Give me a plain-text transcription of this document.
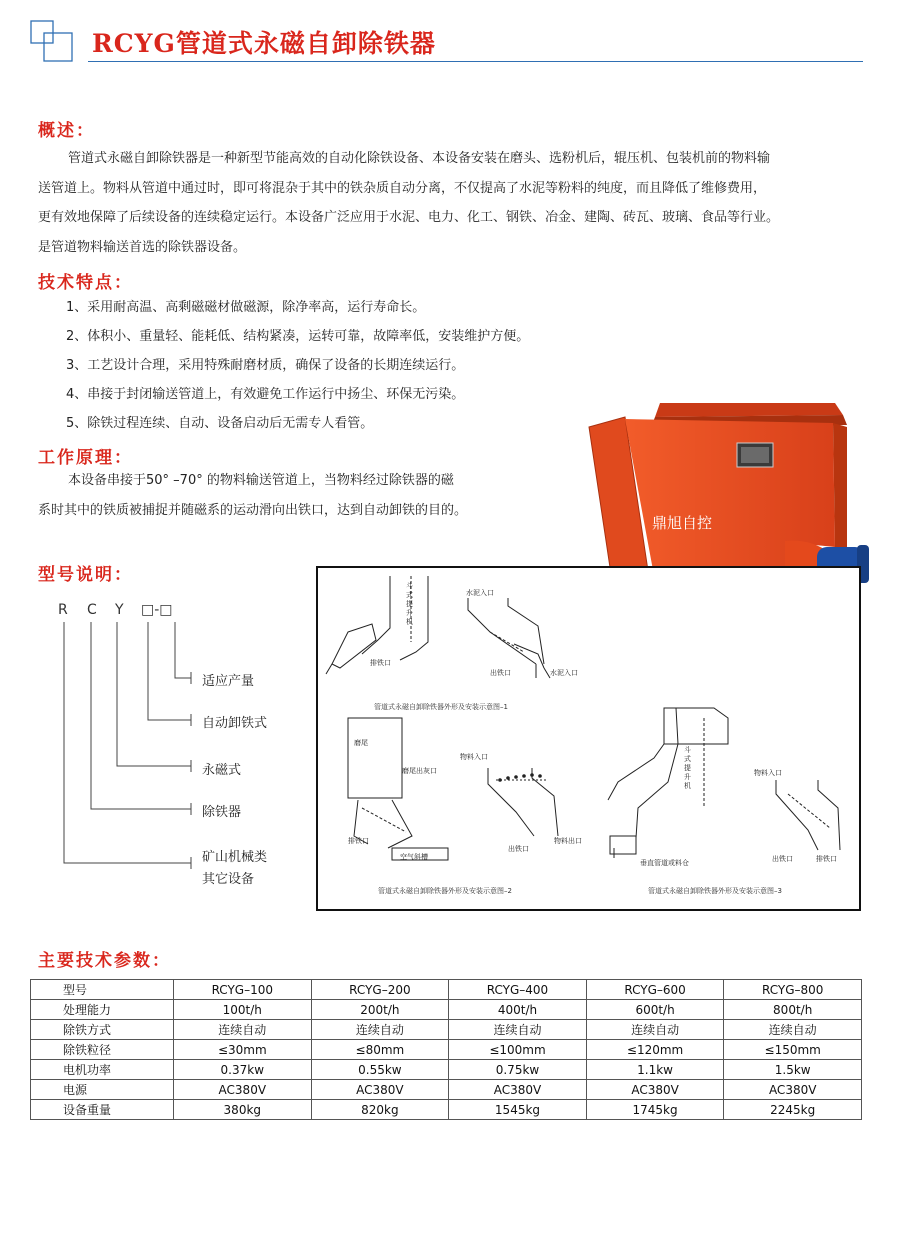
RCYG管道式永磁自卸除铁器
概述：
管道式永磁自卸除铁器是一种新型节能高效的自动化除铁设备、本设备安装在磨头、选粉机后，辊压机、包装机前的物料输
送管道上。物料从管道中通过时，即可将混杂于其中的铁杂质自动分离，不仅提高了水泥等粉料的纯度，而且降低了维修费用，
更有效地保障了后续设备的连续稳定运行。本设备广泛应用于水泥、电力、化工、钢铁、冶金、建陶、砖瓦、玻璃、食品等行业。
是管道物料输送首选的除铁器设备。
技术特点：
1、采用耐高温、高剩磁磁材做磁源，除净率高，运行寿命长。
2、体积小、重量轻、能耗低、结构紧凑，运转可靠，故障率低，安装维护方便。
3、工艺设计合理，采用特殊耐磨材质，确保了设备的长期连续运行。
4、串接于封闭输送管道上，有效避免工作运行中扬尘、环保无污染。
5、除铁过程连续、自动、设备启动后无需专人看管。
工作原理：
本设备串接于50° –70° 的物料输送管道上，当物料经过除铁器的磁
系时其中的铁质被捕捉并随磁系的运动滑向出铁口，达到自动卸铁的目的。
鼎旭自控
型号说明：
R C Y □-□
适应产量
自动卸铁式
永磁式
除铁器
矿山机械类
其它设备
斗
式
提
升
机
排铁口
水泥入口
出铁口	水泥入口
管道式永磁自卸除铁器外形及安装示意图–1
磨尾
磨尾出灰口
排铁口
空气斜槽
物料入口
出铁口
物料出口
管道式永磁自卸除铁器外形及安装示意图–2
斗
式
提
升
机
垂直管道或料仓
物料入口
出铁口	排铁口
管道式永磁自卸除铁器外形及安装示意图–3
主要技术参数：
型号	RCYG–100	RCYG–200	RCYG–400	RCYG–600	RCYG–800
处理能力	100t/h	200t/h	400t/h	600t/h	800t/h
除铁方式	连续自动	连续自动	连续自动	连续自动	连续自动
除铁粒径	≤30mm	≤80mm	≤100mm	≤120mm	≤150mm
电机功率	0.37kw	0.55kw	0.75kw	1.1kw	1.5kw
电源	AC380V	AC380V	AC380V	AC380V	AC380V
设备重量	380kg	820kg	1545kg	1745kg	2245kg
